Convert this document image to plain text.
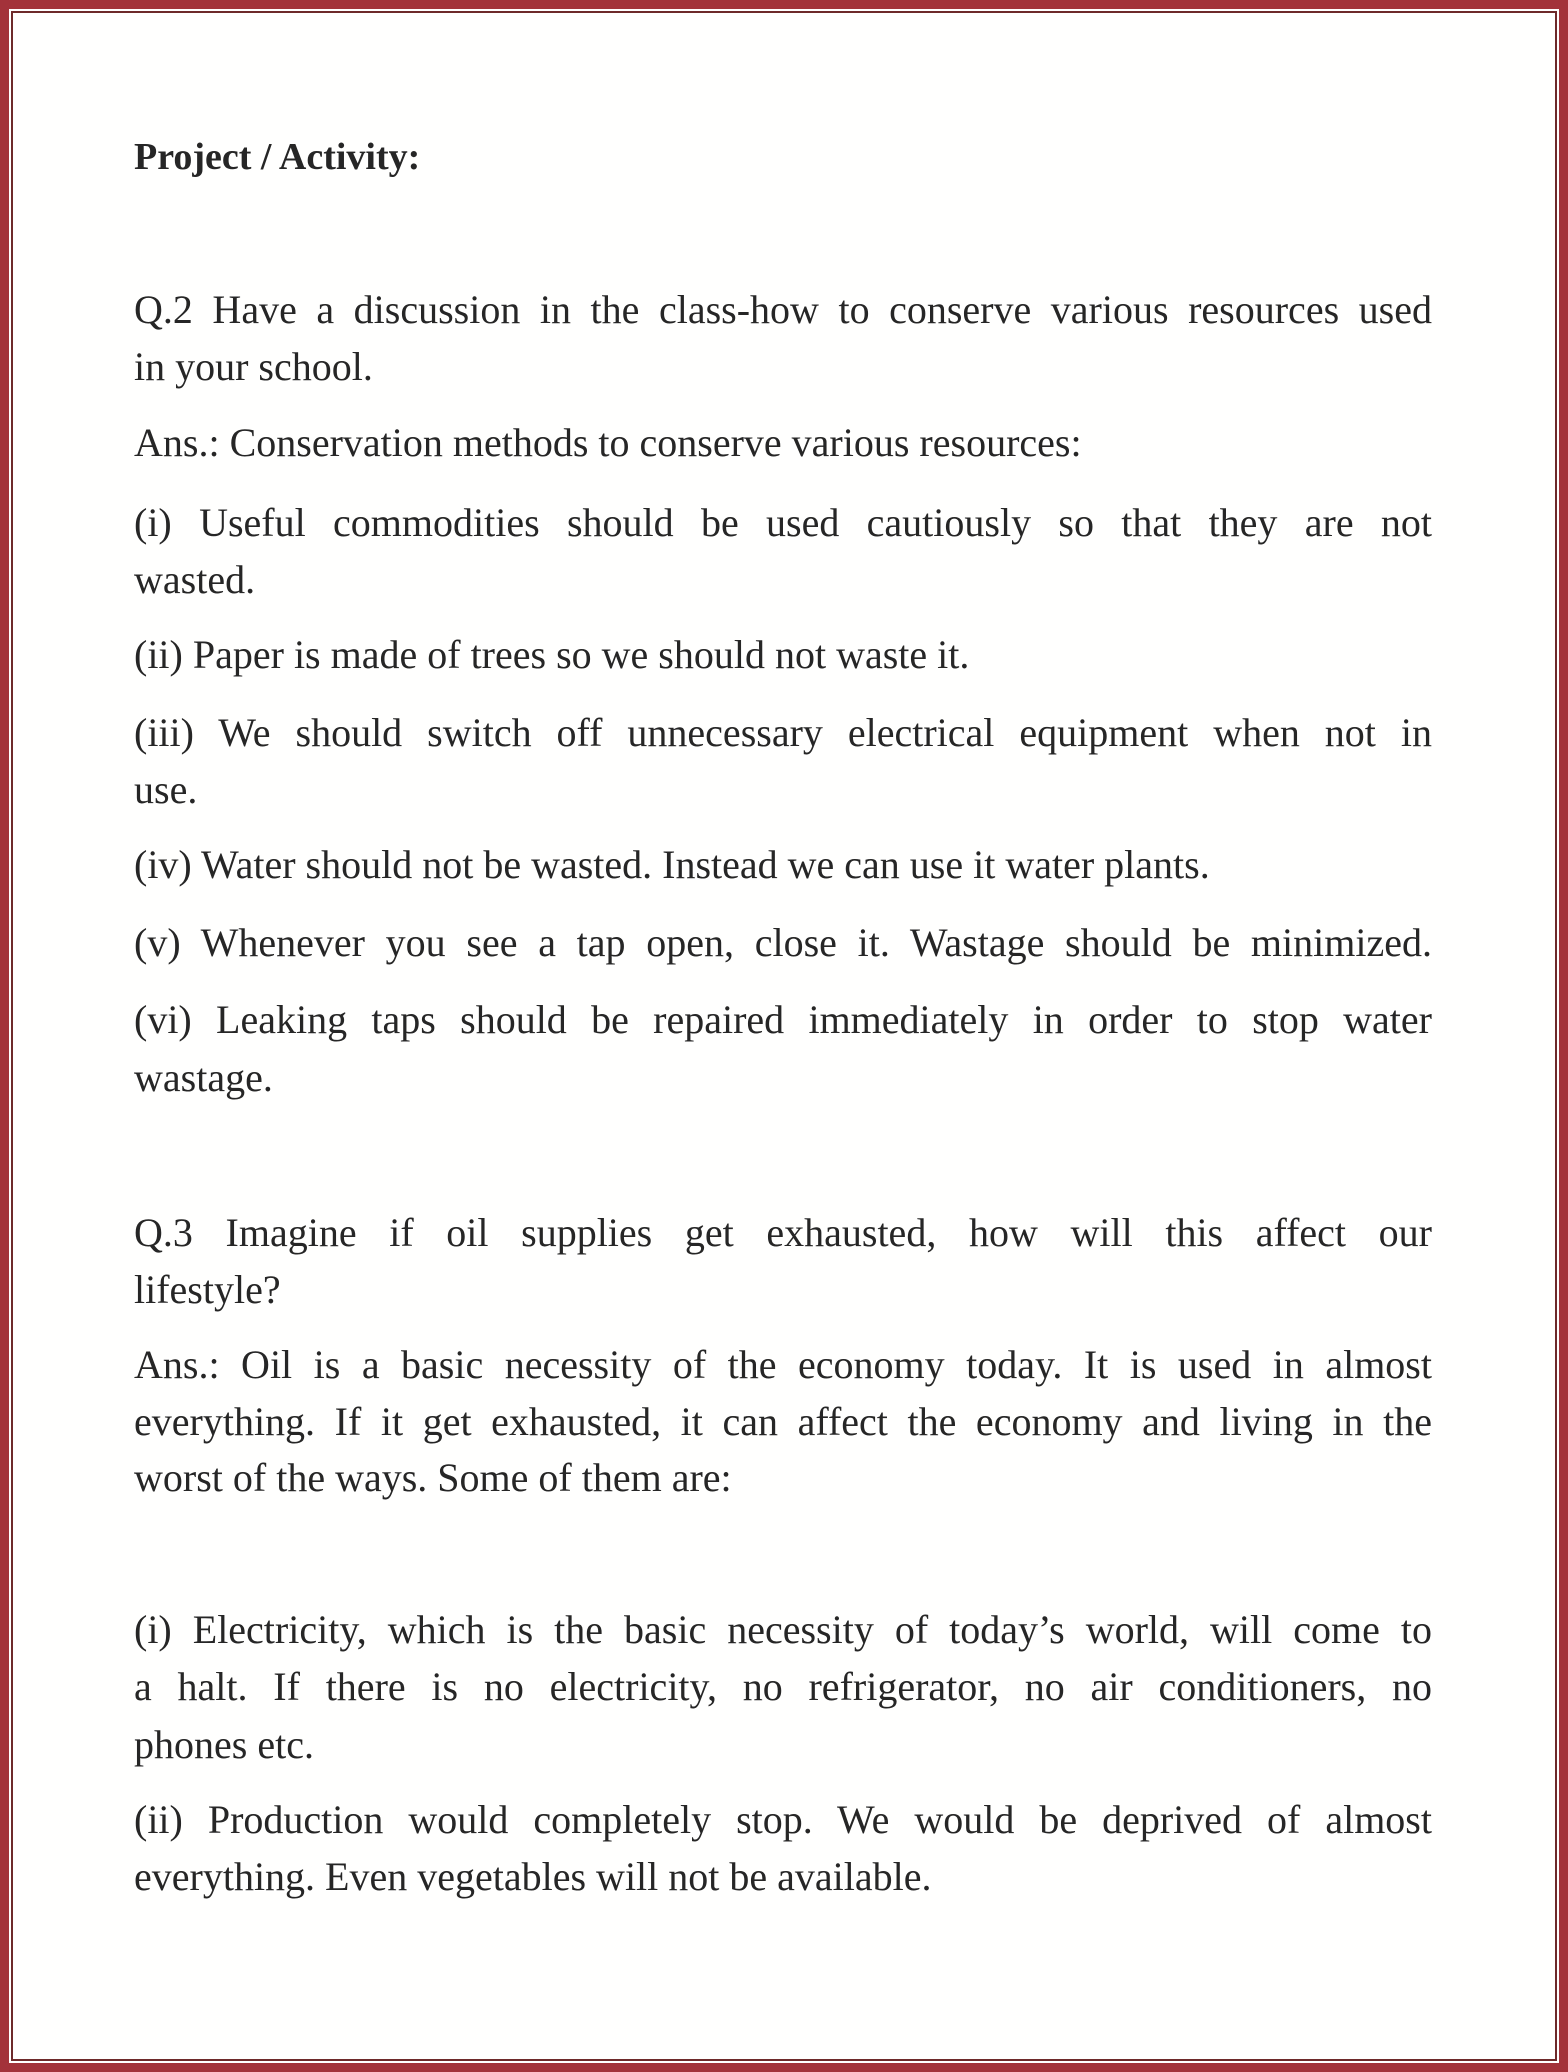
Project / Activity:
Q.2 Have a discussion in the class-how to conserve various resources used
in your school.
Ans.: Conservation methods to conserve various resources:
(i) Useful commodities should be used cautiously so that they are not
wasted.
(ii) Paper is made of trees so we should not waste it.
(iii) We should switch off unnecessary electrical equipment when not in
use.
(iv) Water should not be wasted. Instead we can use it water plants.
(v) Whenever you see a tap open, close it. Wastage should be minimized.
(vi) Leaking taps should be repaired immediately in order to stop water
wastage.
Q.3 Imagine if oil supplies get exhausted, how will this affect our
lifestyle?
Ans.: Oil is a basic necessity of the economy today. It is used in almost
everything. If it get exhausted, it can affect the economy and living in the
worst of the ways. Some of them are:
(i) Electricity, which is the basic necessity of today’s world, will come to
a halt. If there is no electricity, no refrigerator, no air conditioners, no
phones etc.
(ii) Production would completely stop. We would be deprived of almost
everything. Even vegetables will not be available.
